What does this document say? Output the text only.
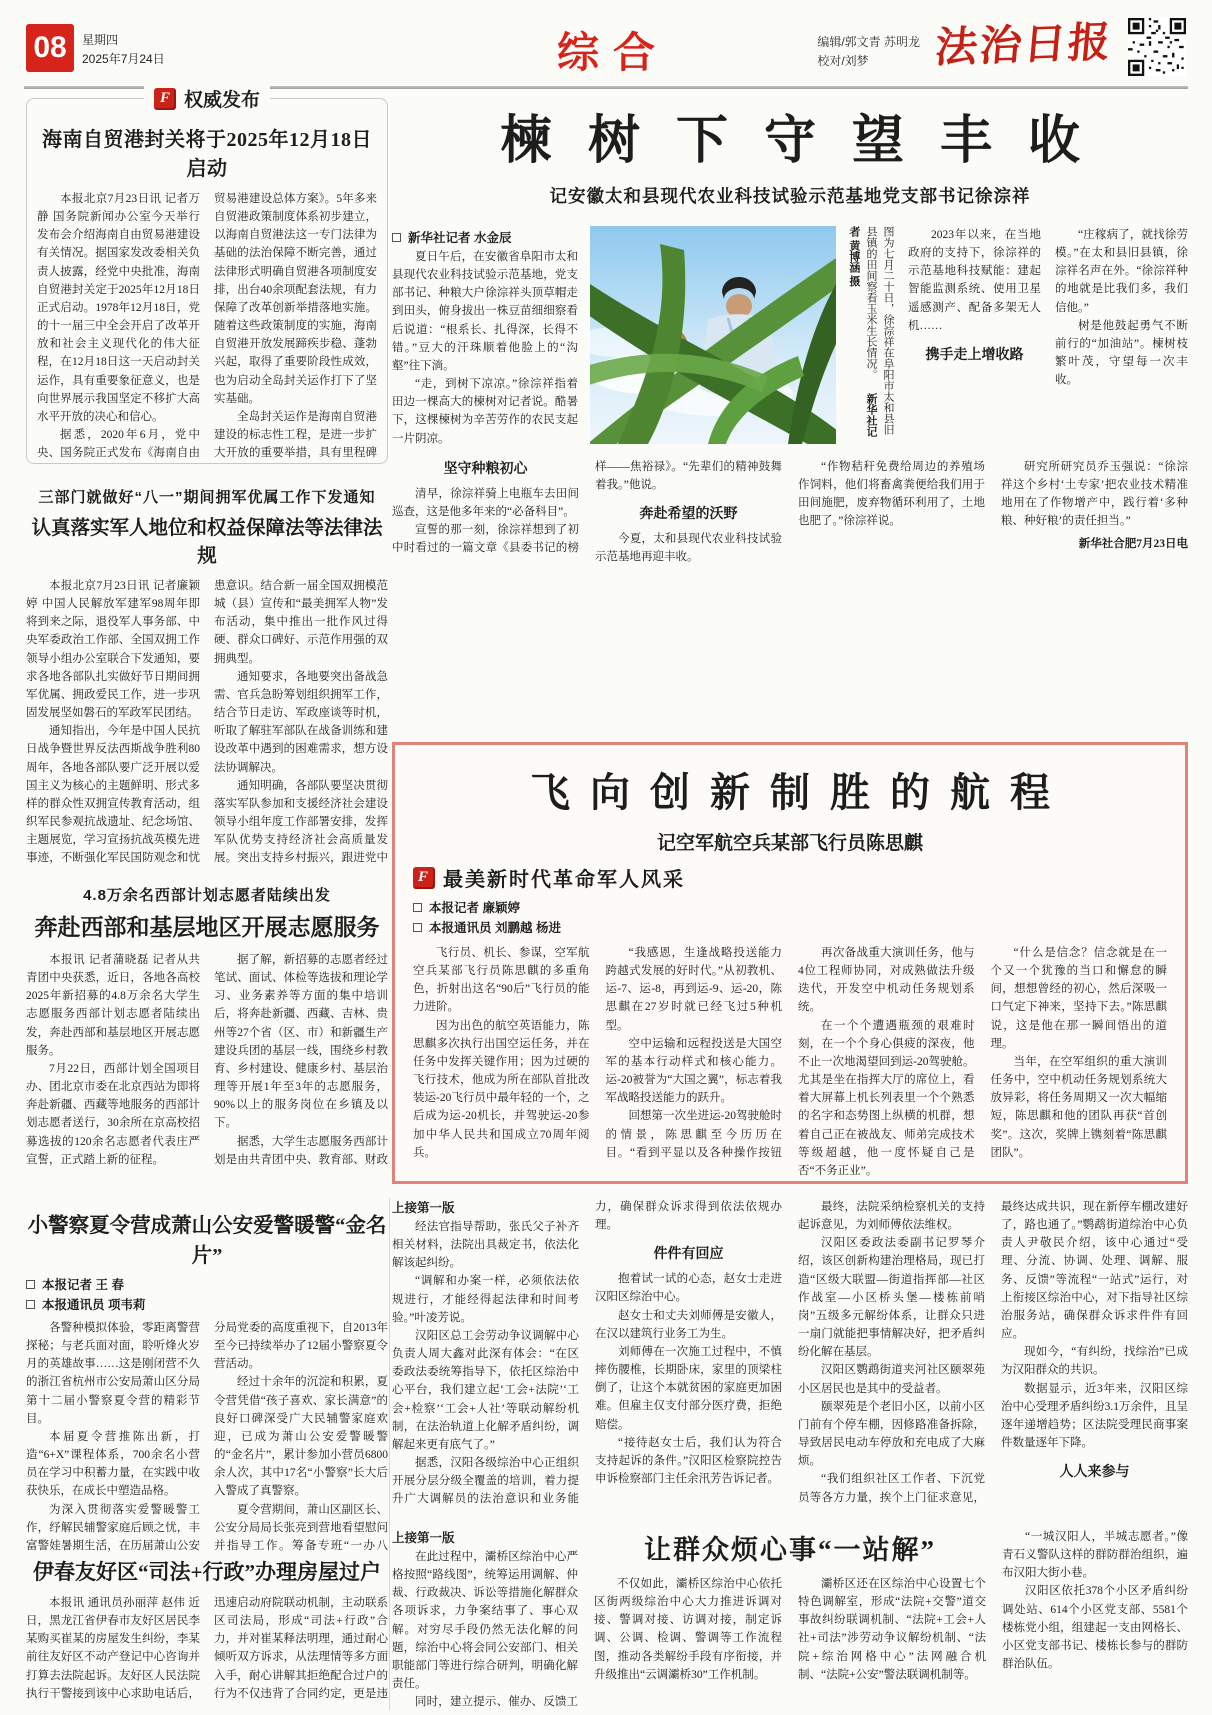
08	星期四
2025年7月24日	综合	编辑/郭文青 苏明龙
校对/刘梦	法治日报
F 权威发布
海南自贸港封关将于2025年12月18日启动

本报北京7月23日讯 记者万静 国务院新闻办公室今天举行发布会介绍海南自由贸易港建设有关情况。据国家发改委相关负责人披露，经党中央批准，海南自贸港封关定于2025年12月18日正式启动。1978年12月18日，党的十一届三中全会开启了改革开放和社会主义现代化的伟大征程，在12月18日这一天启动封关运作，具有重要象征意义，也是向世界展示我国坚定不移扩大高水平开放的决心和信心。

据悉，2020年6月，党中央、国务院正式发布《海南自由贸易港建设总体方案》。5年多来自贸港政策制度体系初步建立，以海南自贸港法这一专门法律为基础的法治保障不断完善，通过法律形式明确自贸港各项制度安排，出台40余项配套法规，有力保障了改革创新举措落地实施。随着这些政策制度的实施，海南自贸港开放发展蹄疾步稳、蓬勃兴起，取得了重要阶段性成效，也为启动全岛封关运作打下了坚实基础。

全岛封关运作是海南自贸港建设的标志性工程，是进一步扩大开放的重要举措，具有里程碑

三部门就做好“八一”期间拥军优属工作下发通知

认真落实军人地位和权益保障法等法律法规

本报北京7月23日讯 记者廉颖婷 中国人民解放军建军98周年即将到来之际，退役军人事务部、中央军委政治工作部、全国双拥工作领导小组办公室联合下发通知，要求各地各部队扎实做好节日期间拥军优属、拥政爱民工作，进一步巩固发展坚如磐石的军政军民团结。

通知指出，今年是中国人民抗日战争暨世界反法西斯战争胜利80周年，各地各部队要广泛开展以爱国主义为核心的主题鲜明、形式多样的群众性双拥宣传教育活动，组织军民参观抗战遗址、纪念场馆、主题展览，学习宣扬抗战英模先进事迹，不断强化军民国防观念和忧患意识。结合新一届全国双拥模范城（县）宣传和“最美拥军人物”发布活动，集中推出一批作风过得硬、群众口碑好、示范作用强的双拥典型。

通知要求，各地要突出备战急需、官兵急盼筹划组织拥军工作，结合节日走访、军政座谈等时机，听取了解驻军部队在战备训练和建设改革中遇到的困难需求，想方设法协调解决。

通知明确，各部队要坚决贯彻落实军队参加和支援经济社会建设领导小组年度工作部署安排，发挥军队优势支持经济社会高质量发展。突出支持乡村振兴，跟进党中

4.8万余名西部计划志愿者陆续出发

奔赴西部和基层地区开展志愿服务

本报讯 记者蒲晓磊 记者从共青团中央获悉，近日，各地各高校2025年新招募的4.8万余名大学生志愿服务西部计划志愿者陆续出发，奔赴西部和基层地区开展志愿服务。

7月22日，西部计划全国项目办、团北京市委在北京西站为即将奔赴新疆、西藏等地服务的西部计划志愿者送行，30余所在京高校招募选拔的120余名志愿者代表庄严宣誓，正式踏上新的征程。

据了解，新招募的志愿者经过笔试、面试、体检等选拔和理论学习、业务素养等方面的集中培训后，将奔赴新疆、西藏、吉林、贵州等27个省（区、市）和新疆生产建设兵团的基层一线，围绕乡村教育、乡村建设、健康乡村、基层治理等开展1年至3年的志愿服务，90%以上的服务岗位在乡镇及以下。

据悉，大学生志愿服务西部计划是由共青团中央、教育部、财政

小警察夏令营成萧山公安爱警暖警“金名片”
本报记者 王 春
本报通讯员 项韦莉

各警种模拟体验，零距离警营探秘；与老兵面对面，聆听烽火岁月的英雄故事……这是刚闭营不久的浙江省杭州市公安局萧山区分局第十二届小警察夏令营的精彩节目。

本届夏令营推陈出新，打造“6+X”课程体系，700余名小营员在学习中积蓄力量，在实践中收获快乐，在成长中塑造品格。

为深入贯彻落实爱警暖警工作，纾解民辅警家庭后顾之忧，丰富警娃暑期生活，在历届萧山公安分局党委的高度重视下，自2013年至今已持续举办了12届小警察夏令营活动。

经过十余年的沉淀和积累，夏令营凭借“孩子喜欢、家长满意”的良好口碑深受广大民辅警家庭欢迎，已成为萧山公安爱警暖警的“金名片”，累计参加小营员6800余人次，其中17名“小警察”长大后入警成了真警察。

夏令营期间，萧山区副区长、公安分局局长张亮到营地看望慰问并指导工作。筹备专班“一办八

伊春友好区“司法+行政”办理房屋过户

本报讯 通讯员孙丽萍 赵伟 近日，黑龙江省伊春市友好区居民李某购买崔某的房屋发生纠纷，李某前往友好区不动产登记中心咨询并打算去法院起诉。友好区人民法院执行干警接到该中心求助电话后，迅速启动府院联动机制，主动联系区司法局，形成“司法+行政”合力，并对崔某释法明理，通过耐心倾听双方诉求，从法理情等多方面入手，耐心讲解其拒绝配合过户的行为不仅违背了合同约定，更是违

楝树下守望丰收
记安徽太和县现代农业科技试验示范基地党支部书记徐淙祥
新华社记者 水金辰

夏日午后，在安徽省阜阳市太和县现代农业科技试验示范基地，党支部书记、种粮大户徐淙祥头顶草帽走到田头，俯身拔出一株豆苗细细察看后说道：“根系长、扎得深，长得不错。”豆大的汗珠顺着他脸上的“沟壑”往下淌。

“走，到树下凉凉。”徐淙祥指着田边一棵高大的楝树对记者说。酷暑下，这棵楝树为辛苦劳作的农民支起一片阴凉。

图为七月二十日，徐淙祥在阜阳市太和县旧县镇的田间察看玉米生长情况。 新华社记者 黄博涵 摄	2023年以来，在当地政府的支持下，徐淙祥的示范基地科技赋能：建起智能监测系统、使用卫星遥感测产、配备多架无人机……

携手走上增收路

“庄稼病了，就找徐劳模。”在太和县旧县镇，徐淙祥名声在外。“徐淙祥种的地就是比我们多，我们信他。”

树是他鼓起勇气不断前行的“加油站”。楝树枝繁叶茂，守望每一次丰收。

坚守种粮初心

清早，徐淙祥骑上电瓶车去田间巡查，这是他多年来的“必备科目”。

宣誓的那一刻，徐淙祥想到了初中时看过的一篇文章《县委书记的榜样——焦裕禄》。“先辈们的精神鼓舞着我。”他说。

奔赴希望的沃野

今夏，太和县现代农业科技试验示范基地再迎丰收。

“作物秸秆免费给周边的养殖场作饲料，他们将畜禽粪便给我们用于田间施肥，废弃物循环利用了，土地也肥了。”徐淙祥说。

研究所研究员乔玉强说：“徐淙祥这个乡村‘土专家’把农业技术精准地用在了作物增产中，践行着‘多种粮、种好粮’的责任担当。”

新华社合肥7月23日电

飞向创新制胜的航程
记空军航空兵某部飞行员陈思麒
F 最美新时代革命军人风采
本报记者 廉颖婷
本报通讯员 刘鹏越 杨进

飞行员、机长、参谋，空军航空兵某部飞行员陈思麒的多重角色，折射出这名“90后”飞行员的能力进阶。

因为出色的航空英语能力，陈思麒多次执行出国空运任务，并在任务中发挥关键作用；因为过硬的飞行技术，他成为所在部队首批改装运-20飞行员中最年轻的一个，之后成为运-20机长，并驾驶运-20参加中华人民共和国成立70周年阅兵。

“我感恩，生逢战略投送能力跨越式发展的好时代。”从初教机、运-7、运-8，再到运-9、运-20，陈思麒在27岁时就已经飞过5种机型。

空中运输和远程投送是大国空军的基本行动样式和核心能力。运-20被誉为“大国之翼”，标志着我军战略投送能力的跃升。

回想第一次坐进运-20驾驶舱时的情景，陈思麒至今历历在目。“看到平显以及各种操作按钮

再次备战重大演训任务，他与4位工程师协同，对成熟做法升级迭代，开发空中机动任务规划系统。

在一个个遭遇瓶颈的艰难时刻，在一个个身心俱疲的深夜，他不止一次地渴望回到运-20驾驶舱。尤其是坐在指挥大厅的席位上，看着大屏幕上机长列表里一个个熟悉的名字和态势图上纵横的机群，想着自己正在被战友、师弟完成技术等级超越，他一度怀疑自己是否“不务正业”。

“什么是信念？信念就是在一个又一个犹豫的当口和懈怠的瞬间，想想曾经的初心，然后深吸一口气定下神来，坚持下去。”陈思麒说，这是他在那一瞬间悟出的道理。

当年，在空军组织的重大演训任务中，空中机动任务规划系统大放异彩，将任务周期又一次大幅缩短，陈思麒和他的团队再获“首创奖”。这次，奖牌上镌刻着“陈思麒团队”。

上接第一版

经法官指导帮助，张氏父子补齐相关材料，法院出具裁定书，依法化解该起纠纷。

“调解和办案一样，必须依法依规进行，才能经得起法律和时间考验。”叶凌芳说。

汉阳区总工会劳动争议调解中心负责人周大鑫对此深有体会：“在区委政法委统筹指导下，依托区综治中心平台，我们建立起‘工会+法院’‘工会+检察’‘工会+人社’等联动解纷机制，在法治轨道上化解矛盾纠纷，调解起来更有底气了。”

据悉，汉阳各级综治中心正组织开展分层分级全覆盖的培训，着力提升广大调解员的法治意识和业务能力，确保群众诉求得到依法依规办理。

件件有回应

抱着试一试的心态，赵女士走进汉阳区综治中心。

赵女士和丈夫刘师傅是安徽人，在汉以建筑行业务工为生。

刘师傅在一次施工过程中，不慎摔伤腰椎，长期卧床，家里的顶梁柱倒了，让这个本就贫困的家庭更加困难。但雇主仅支付部分医疗费，拒绝赔偿。

“接待赵女士后，我们认为符合支持起诉的条件。”汉阳区检察院控告申诉检察部门主任余汛芳告诉记者。

最终，法院采纳检察机关的支持起诉意见，为刘师傅依法维权。

汉阳区委政法委副书记罗琴介绍，该区创新构建治理格局，现已打造“区级大联盟—街道指挥部—社区作战室—小区桥头堡—楼栋前哨岗”五级多元解纷体系，让群众只进一扇门就能把事情解决好，把矛盾纠纷化解在基层。

汉阳区鹦鹉街道夹河社区颐翠苑小区居民也是其中的受益者。

颐翠苑是个老旧小区，以前小区门前有个停车棚，因修路准备拆除，导致居民电动车停放和充电成了大麻烦。

“我们组织社区工作者、下沉党员等各方力量，挨个上门征求意见，最终达成共识，现在新停车棚改建好了，路也通了。”鹦鹉街道综治中心负责人尹敬民介绍，该中心通过“受理、分流、协调、处理、调解、服务、反馈”等流程“一站式”运行，对上衔接区综治中心，对下指导社区综治服务站，确保群众诉求件件有回应。

现如今，“有纠纷，找综治”已成为汉阳群众的共识。

数据显示，近3年来，汉阳区综治中心受理矛盾纠纷3.1万余件，且呈逐年递增趋势；区法院受理民商事案件数量逐年下降。

人人来参与

上接第一版

在此过程中，灞桥区综治中心严格按照“路线图”，统筹运用调解、仲裁、行政裁决、诉讼等措施化解群众各项诉求，力争案结事了、事心双解。对穷尽手段仍然无法化解的问题，综治中心将会同公安部门、相关职能部门等进行综合研判，明确化解责任。

同时，建立提示、催办、反馈工

让群众烦心事“一站解”

不仅如此，灞桥区综治中心依托区街两级综治中心大力推进诉调对接、警调对接、访调对接，制定诉调、公调、检调、警调等工作流程图，推动各类解纷手段有序衔接，并升级推出“云调灞桥30”工作机制。

灞桥区还在区综治中心设置七个特色调解室，形成“法院+交警”道交事故纠纷联调机制、“法院+工会+人社+司法”涉劳动争议解纷机制、“法院+综治网格中心”法网融合机制、“法院+公安”警法联调机制等。

“一城汉阳人，半城志愿者。”像青石义警队这样的群防群治组织，遍布汉阳大街小巷。

汉阳区依托378个小区矛盾纠纷调处站、614个小区党支部、5581个楼栋党小组，组建起一支由网格长、小区党支部书记、楼栋长参与的群防群治队伍。
